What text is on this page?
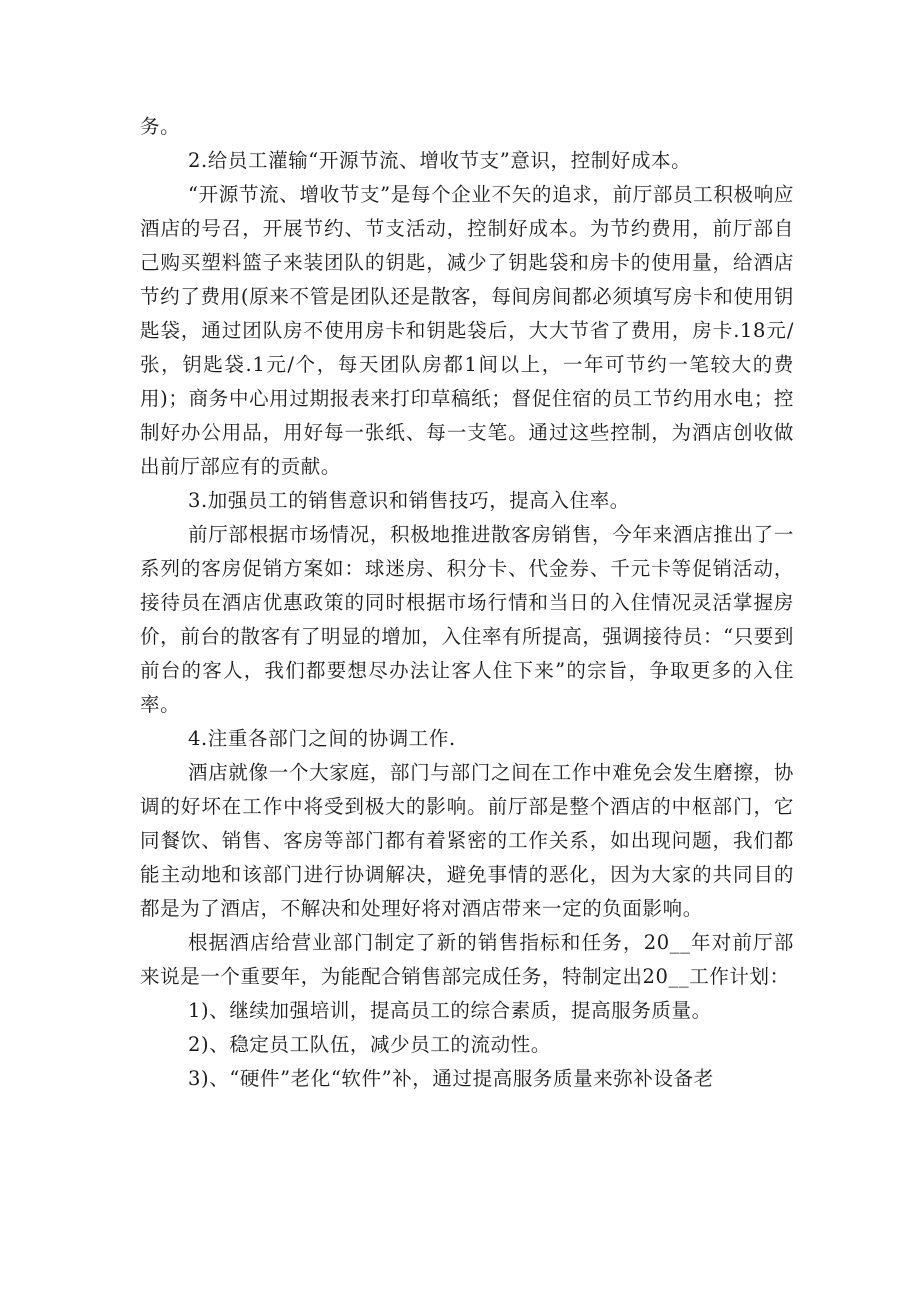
务。

2.给员工灌输“开源节流、增收节支”意识，控制好成本。

“开源节流、增收节支”是每个企业不矢的追求，前厅部员工积极响应酒店的号召，开展节约、节支活动，控制好成本。为节约费用，前厅部自己购买塑料篮子来装团队的钥匙，减少了钥匙袋和房卡的使用量，给酒店节约了费用(原来不管是团队还是散客，每间房间都必须填写房卡和使用钥匙袋，通过团队房不使用房卡和钥匙袋后，大大节省了费用，房卡.18元/张，钥匙袋.1元/个，每天团队房都1间以上，一年可节约一笔较大的费用)；商务中心用过期报表来打印草稿纸；督促住宿的员工节约用水电；控制好办公用品，用好每一张纸、每一支笔。通过这些控制，为酒店创收做出前厅部应有的贡献。

3.加强员工的销售意识和销售技巧，提高入住率。

前厅部根据市场情况，积极地推进散客房销售，今年来酒店推出了一系列的客房促销方案如：球迷房、积分卡、代金券、千元卡等促销活动，接待员在酒店优惠政策的同时根据市场行情和当日的入住情况灵活掌握房价，前台的散客有了明显的增加，入住率有所提高，强调接待员：“只要到前台的客人，我们都要想尽办法让客人住下来”的宗旨，争取更多的入住率。

4.注重各部门之间的协调工作.

酒店就像一个大家庭，部门与部门之间在工作中难免会发生磨擦，协调的好坏在工作中将受到极大的影响。前厅部是整个酒店的中枢部门，它同餐饮、销售、客房等部门都有着紧密的工作关系，如出现问题，我们都能主动地和该部门进行协调解决，避免事情的恶化，因为大家的共同目的都是为了酒店，不解决和处理好将对酒店带来一定的负面影响。

根据酒店给营业部门制定了新的销售指标和任务，20__年对前厅部来说是一个重要年，为能配合销售部完成任务，特制定出20__工作计划：

1)、继续加强培训，提高员工的综合素质，提高服务质量。

2)、稳定员工队伍，减少员工的流动性。

3)、“硬件”老化“软件”补，通过提高服务质量来弥补设备老
